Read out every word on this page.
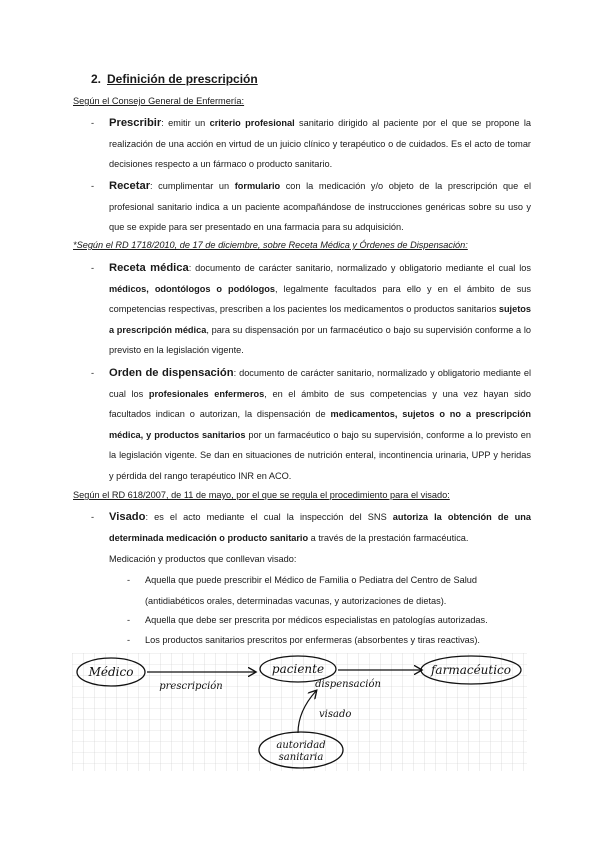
2. Definición de prescripción
Según el Consejo General de Enfermería:
- Prescribir: emitir un criterio profesional sanitario dirigido al paciente por el que se propone la realización de una acción en virtud de un juicio clínico y terapéutico o de cuidados. Es el acto de tomar decisiones respecto a un fármaco o producto sanitario.
- Recetar: cumplimentar un formulario con la medicación y/o objeto de la prescripción que el profesional sanitario indica a un paciente acompañándose de instrucciones genéricas sobre su uso y que se expide para ser presentado en una farmacia para su adquisición.
*Según el RD 1718/2010, de 17 de diciembre, sobre Receta Médica y Órdenes de Dispensación:
- Receta médica: documento de carácter sanitario, normalizado y obligatorio mediante el cual los médicos, odontólogos o podólogos, legalmente facultados para ello y en el ámbito de sus competencias respectivas, prescriben a los pacientes los medicamentos o productos sanitarios sujetos a prescripción médica, para su dispensación por un farmacéutico o bajo su supervisión conforme a lo previsto en la legislación vigente.
- Orden de dispensación: documento de carácter sanitario, normalizado y obligatorio mediante el cual los profesionales enfermeros, en el ámbito de sus competencias y una vez hayan sido facultados indican o autorizan, la dispensación de medicamentos, sujetos o no a prescripción médica, y productos sanitarios por un farmacéutico o bajo su supervisión, conforme a lo previsto en la legislación vigente. Se dan en situaciones de nutrición enteral, incontinencia urinaria, UPP y heridas y pérdida del rango terapéutico INR en ACO.
Según el RD 618/2007, de 11 de mayo, por el que se regula el procedimiento para el visado:
- Visado: es el acto mediante el cual la inspección del SNS autoriza la obtención de una determinada medicación o producto sanitario a través de la prestación farmacéutica.
Medicación y productos que conllevan visado:
- Aquella que puede prescribir el Médico de Familia o Pediatra del Centro de Salud (antidiabéticos orales, determinadas vacunas, y autorizaciones de dietas).
- Aquella que debe ser prescrita por médicos especialistas en patologías autorizadas.
- Los productos sanitarios prescritos por enfermeras (absorbentes y tiras reactivas).
Médico
prescripción
paciente
dispensación
farmacéutico
visado
autoridad
sanitaria
